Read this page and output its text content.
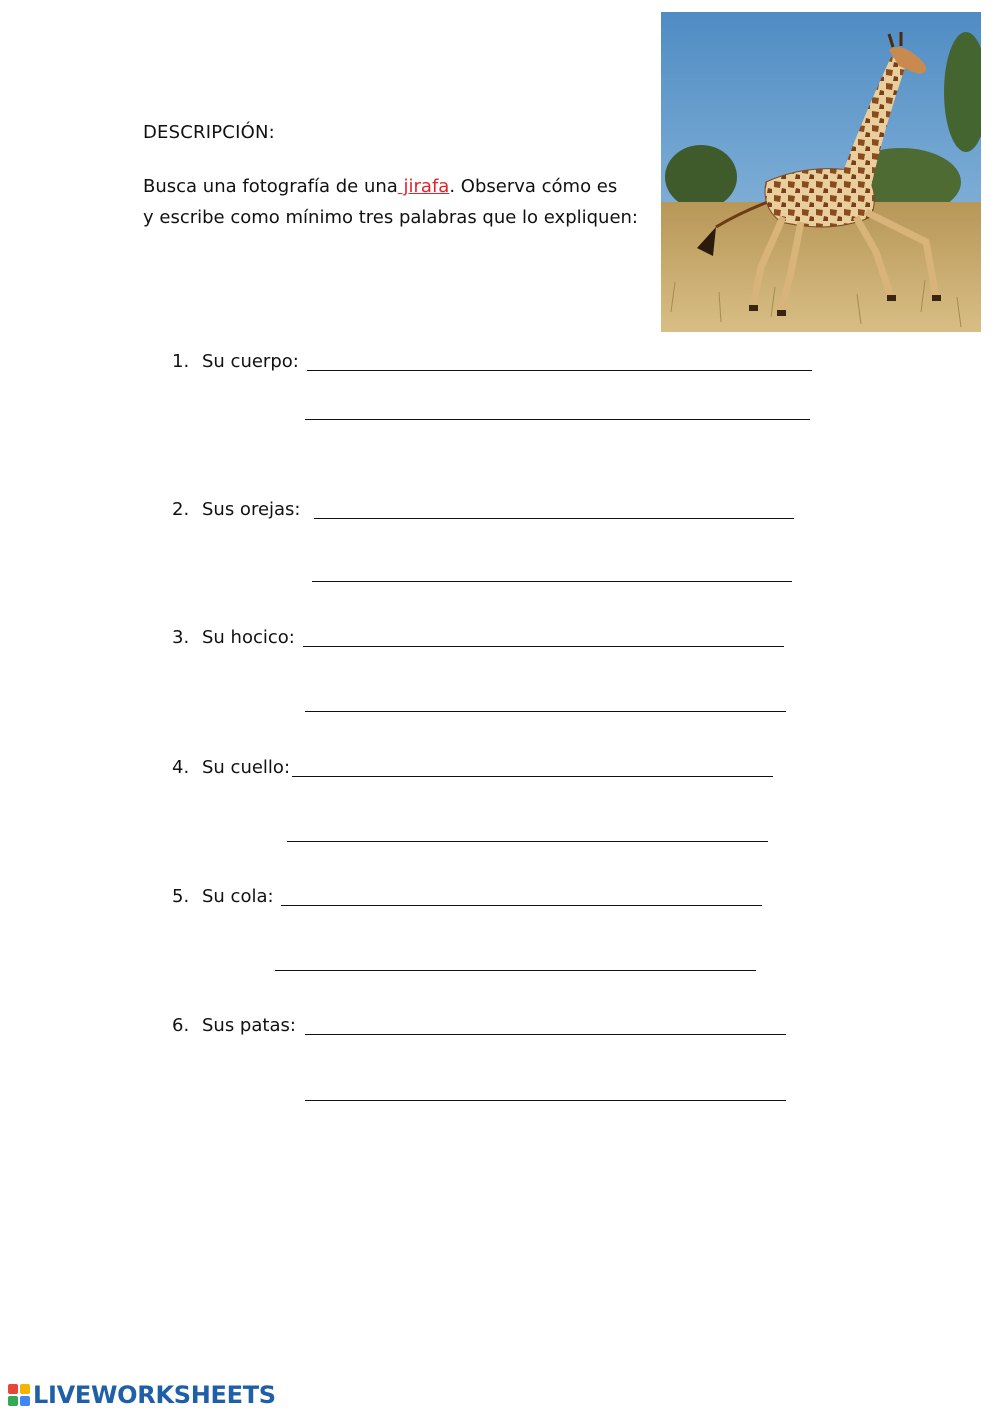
DESCRIPCIÓN:
Busca una fotografía de una jirafa. Observa cómo es
y escribe como mínimo tres palabras que lo expliquen:
1. Su cuerpo:
2. Sus orejas:
3. Su hocico:
4. Su cuello:
5. Su cola:
6. Sus patas:
LIVEWORKSHEETS
